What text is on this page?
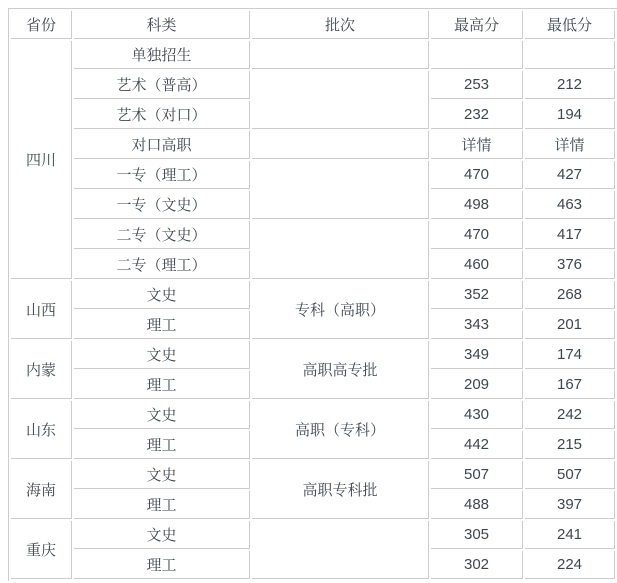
省份	科类	批次	最高分	最低分
四川	单独招生			
	艺术（普高）		253	212
	艺术（对口）		232	194
	对口高职		详情	详情
	一专（理工）		470	427
	一专（文史）		498	463
	二专（文史）		470	417
	二专（理工）		460	376
山西	文史	专科（高职）	352	268
	理工		343	201
内蒙	文史	高职高专批	349	174
	理工		209	167
山东	文史	高职（专科）	430	242
	理工		442	215
海南	文史	高职专科批	507	507
	理工		488	397
重庆	文史		305	241
	理工		302	224
